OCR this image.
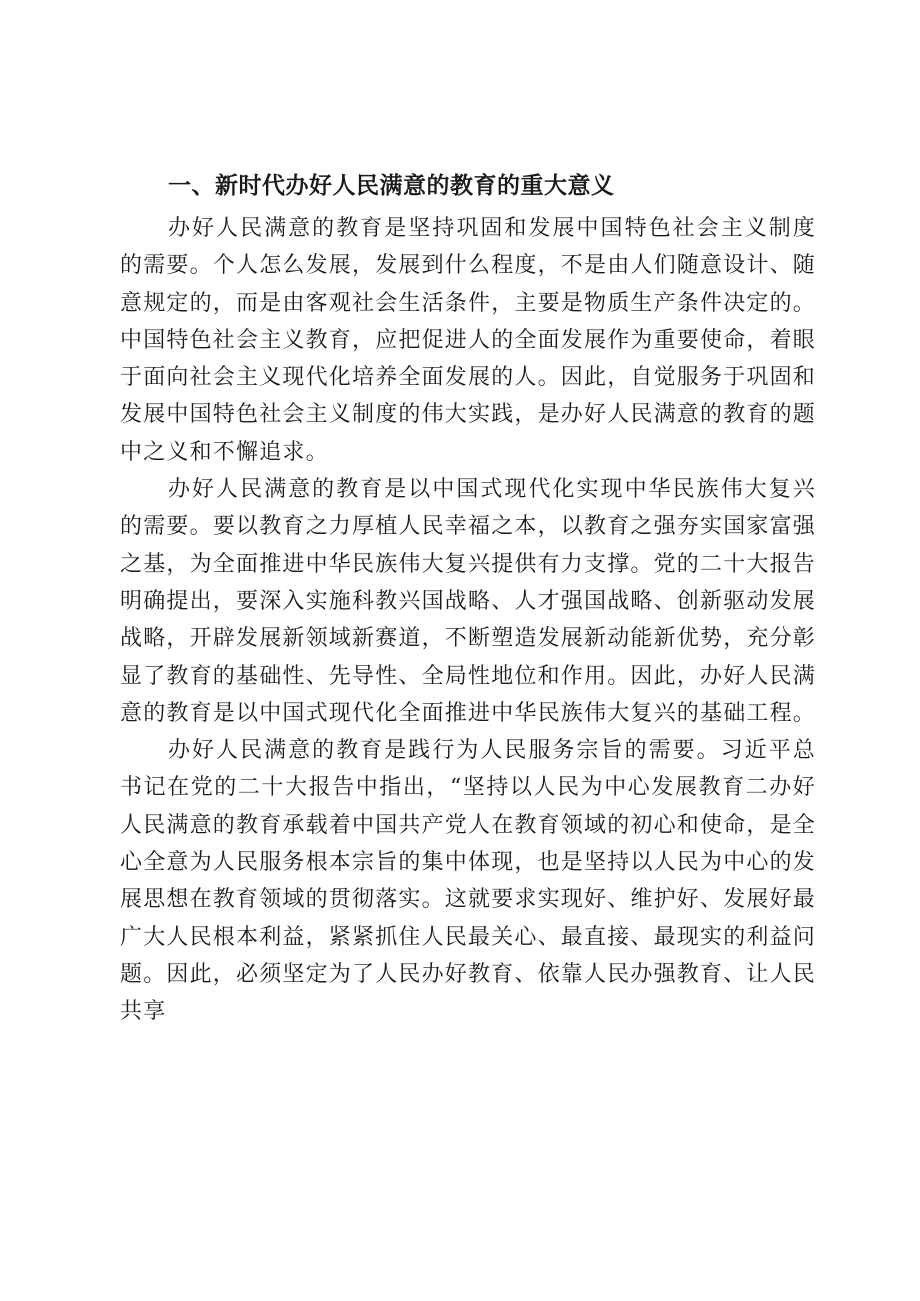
一、新时代办好人民满意的教育的重大意义

办好人民满意的教育是坚持巩固和发展中国特色社会主义制度的需要。个人怎么发展，发展到什么程度，不是由人们随意设计、随意规定的，而是由客观社会生活条件，主要是物质生产条件决定的。中国特色社会主义教育，应把促进人的全面发展作为重要使命，着眼于面向社会主义现代化培养全面发展的人。因此，自觉服务于巩固和发展中国特色社会主义制度的伟大实践，是办好人民满意的教育的题中之义和不懈追求。

办好人民满意的教育是以中国式现代化实现中华民族伟大复兴的需要。要以教育之力厚植人民幸福之本，以教育之强夯实国家富强之基，为全面推进中华民族伟大复兴提供有力支撑。党的二十大报告明确提出，要深入实施科教兴国战略、人才强国战略、创新驱动发展战略，开辟发展新领域新赛道，不断塑造发展新动能新优势，充分彰显了教育的基础性、先导性、全局性地位和作用。因此，办好人民满意的教育是以中国式现代化全面推进中华民族伟大复兴的基础工程。

办好人民满意的教育是践行为人民服务宗旨的需要。习近平总书记在党的二十大报告中指出，“坚持以人民为中心发展教育二办好人民满意的教育承载着中国共产党人在教育领域的初心和使命，是全心全意为人民服务根本宗旨的集中体现，也是坚持以人民为中心的发展思想在教育领域的贯彻落实。这就要求实现好、维护好、发展好最广大人民根本利益，紧紧抓住人民最关心、最直接、最现实的利益问题。因此，必须坚定为了人民办好教育、依靠人民办强教育、让人民共享
